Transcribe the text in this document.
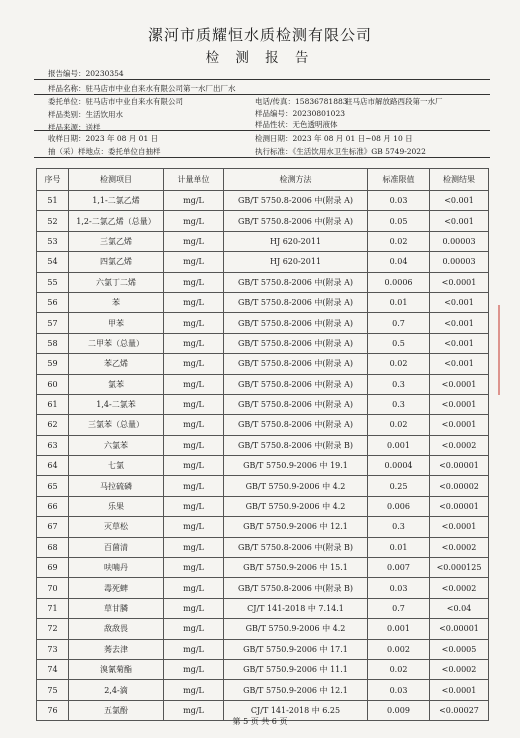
漯河市质耀恒水质检测有限公司
检 测 报 告
报告编号：20230354
样品名称：驻马店市中业自来水有限公司第一水厂出厂水
委托单位：驻马店市中业自来水有限公司	电话/传真：15836781883
驻马店市解放路西段第一水厂
样品编号：20230801023
样品类别：生活饮用水
样品来源：送样	样品性状：无色透明液体
收样日期：2023 年 08 月 01 日	检测日期：2023 年 08 月 01 日~08 月 10 日
抽（采）样地点：委托单位自抽样	执行标准：《生活饮用水卫生标准》GB 5749-2022
序号	检测项目	计量单位	检测方法	标准限值	检测结果
51	1,1-二氯乙烯	mg/L	GB/T 5750.8-2006 中(附录 A)	0.03	<0.001
52	1,2-二氯乙烯（总量）	mg/L	GB/T 5750.8-2006 中(附录 A)	0.05	<0.001
53	三氯乙烯	mg/L	HJ 620-2011	0.02	0.00003
54	四氯乙烯	mg/L	HJ 620-2011	0.04	0.00003
55	六氯丁二烯	mg/L	GB/T 5750.8-2006 中(附录 A)	0.0006	<0.0001
56	苯	mg/L	GB/T 5750.8-2006 中(附录 A)	0.01	<0.001
57	甲苯	mg/L	GB/T 5750.8-2006 中(附录 A)	0.7	<0.001
58	二甲苯（总量）	mg/L	GB/T 5750.8-2006 中(附录 A)	0.5	<0.001
59	苯乙烯	mg/L	GB/T 5750.8-2006 中(附录 A)	0.02	<0.001
60	氯苯	mg/L	GB/T 5750.8-2006 中(附录 A)	0.3	<0.0001
61	1,4-二氯苯	mg/L	GB/T 5750.8-2006 中(附录 A)	0.3	<0.0001
62	三氯苯（总量）	mg/L	GB/T 5750.8-2006 中(附录 A)	0.02	<0.0001
63	六氯苯	mg/L	GB/T 5750.8-2006 中(附录 B)	0.001	<0.0002
64	七氯	mg/L	GB/T 5750.9-2006 中 19.1	0.0004	<0.00001
65	马拉硫磷	mg/L	GB/T 5750.9-2006 中 4.2	0.25	<0.00002
66	乐果	mg/L	GB/T 5750.9-2006 中 4.2	0.006	<0.00001
67	灭草松	mg/L	GB/T 5750.9-2006 中 12.1	0.3	<0.0001
68	百菌清	mg/L	GB/T 5750.8-2006 中(附录 B)	0.01	<0.0002
69	呋喃丹	mg/L	GB/T 5750.9-2006 中 15.1	0.007	<0.000125
70	毒死蜱	mg/L	GB/T 5750.8-2006 中(附录 B)	0.03	<0.0002
71	草甘膦	mg/L	CJ/T 141-2018 中 7.14.1	0.7	<0.04
72	敌敌畏	mg/L	GB/T 5750.9-2006 中 4.2	0.001	<0.00001
73	莠去津	mg/L	GB/T 5750.9-2006 中 17.1	0.002	<0.0005
74	溴氰菊酯	mg/L	GB/T 5750.9-2006 中 11.1	0.02	<0.0002
75	2,4-滴	mg/L	GB/T 5750.9-2006 中 12.1	0.03	<0.0001
76	五氯酚	mg/L	CJ/T 141-2018 中 6.25	0.009	<0.00027
第 5 页 共 6 页
